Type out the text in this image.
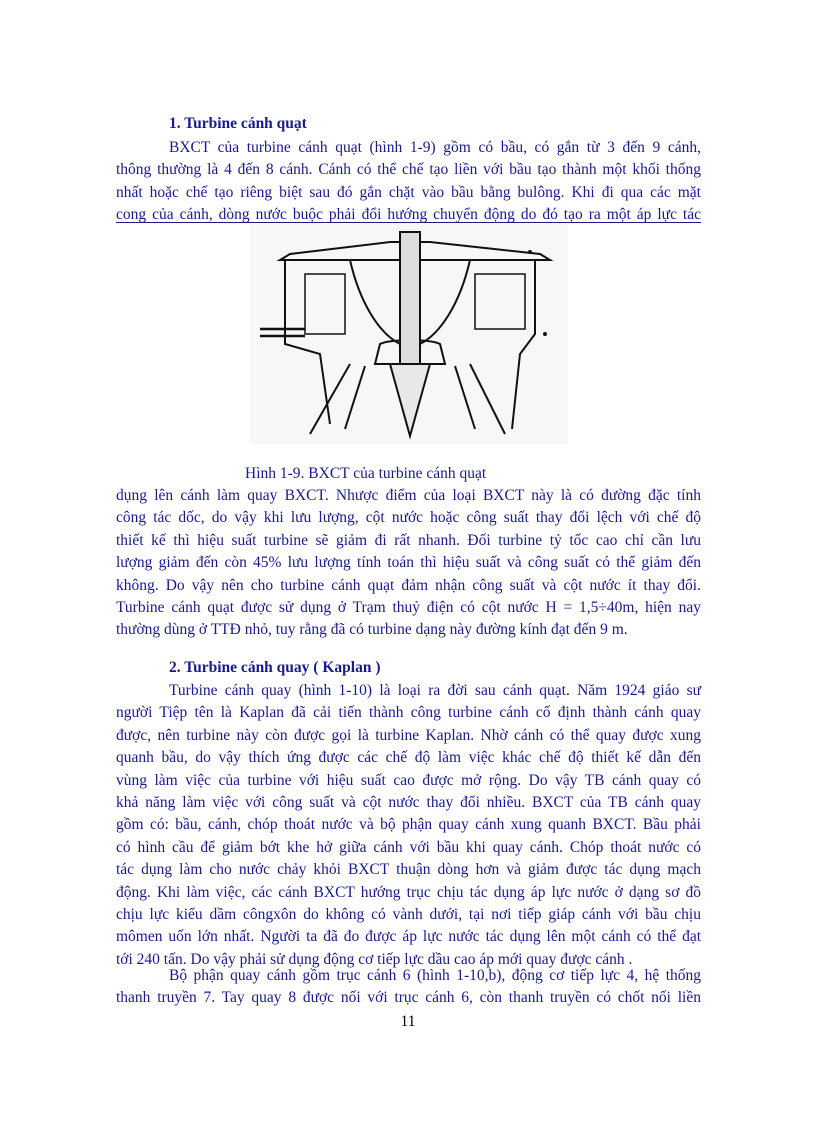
1. Turbine cánh quạt
BXCT của turbine cánh quạt (hình 1-9) gồm có bầu, có gắn từ 3 đến 9 cánh,
thông thường là 4 đến 8 cánh. Cánh có thể chế tạo liền với bầu tạo thành một khối thống
nhất hoặc chế tạo riêng biệt sau đó gắn chặt vào bầu bằng bulông. Khi đi qua các mặt
cong của cánh, dòng nước buộc phải đổi hướng chuyển động do đó tạo ra một áp lực tác
Hình 1-9. BXCT của turbine cánh quạt
dụng lên cánh làm quay BXCT. Nhược điểm của loại BXCT này là có đường đặc tính
công tác dốc, do vậy khi lưu lượng, cột nước hoặc công suất thay đổi lệch với chế độ
thiết kế thì hiệu suất turbine sẽ giảm đi rất nhanh. Đối turbine tỷ tốc cao chỉ cần lưu
lượng giảm đến còn 45% lưu lượng tính toán thì hiệu suất và công suất có thể giảm đến
không. Do vậy nên cho turbine cánh quạt đảm nhận công suất và cột nước ít thay đổi.
Turbine cánh quạt được sử dụng ở Trạm thuỷ điện có cột nước H = 1,5÷40m, hiện nay
thường dùng ở TTĐ nhỏ, tuy rằng đã có turbine dạng này đường kính đạt đến 9 m.
2. Turbine cánh quay ( Kaplan )
Turbine cánh quay (hình 1-10) là loại ra đời sau cánh quạt. Năm 1924 giáo sư
người Tiệp tên là Kaplan đã cải tiến thành công turbine cánh cố định thành cánh quay
được, nên turbine này còn được gọi là turbine Kaplan. Nhờ cánh có thể quay được xung
quanh bầu, do vậy thích ứng được các chế độ làm việc khác chế độ thiết kế dẫn đến
vùng làm việc của turbine với hiệu suất cao được mở rộng. Do vậy TB cánh quay có
khả năng làm việc với công suất và cột nước thay đổi nhiều. BXCT của TB cánh quay
gồm có: bầu, cánh, chóp thoát nước và bộ phận quay cánh xung quanh BXCT. Bầu phải
có hình cầu để giảm bớt khe hở giữa cánh với bầu khi quay cánh. Chóp thoát nước có
tác dụng làm cho nước chảy khỏi BXCT thuận dòng hơn và giảm được tác dụng mạch
động. Khi làm việc, các cánh BXCT hướng trục chịu tác dụng áp lực nước ở dạng sơ đồ
chịu lực kiểu dầm côngxôn do không có vành dưới, tại nơi tiếp giáp cánh với bầu chịu
mômen uốn lớn nhất. Người ta đã đo được áp lực nước tác dụng lên một cánh có thể đạt
tới 240 tấn. Do vậy phải sử dụng động cơ tiếp lực dầu cao áp mới quay được cánh .
Bộ phận quay cánh gồm trục cánh 6 (hình 1-10,b), động cơ tiếp lực 4, hệ thống
thanh truyền 7. Tay quay 8 được nối với trục cánh 6, còn thanh truyền có chốt nối liền
11
